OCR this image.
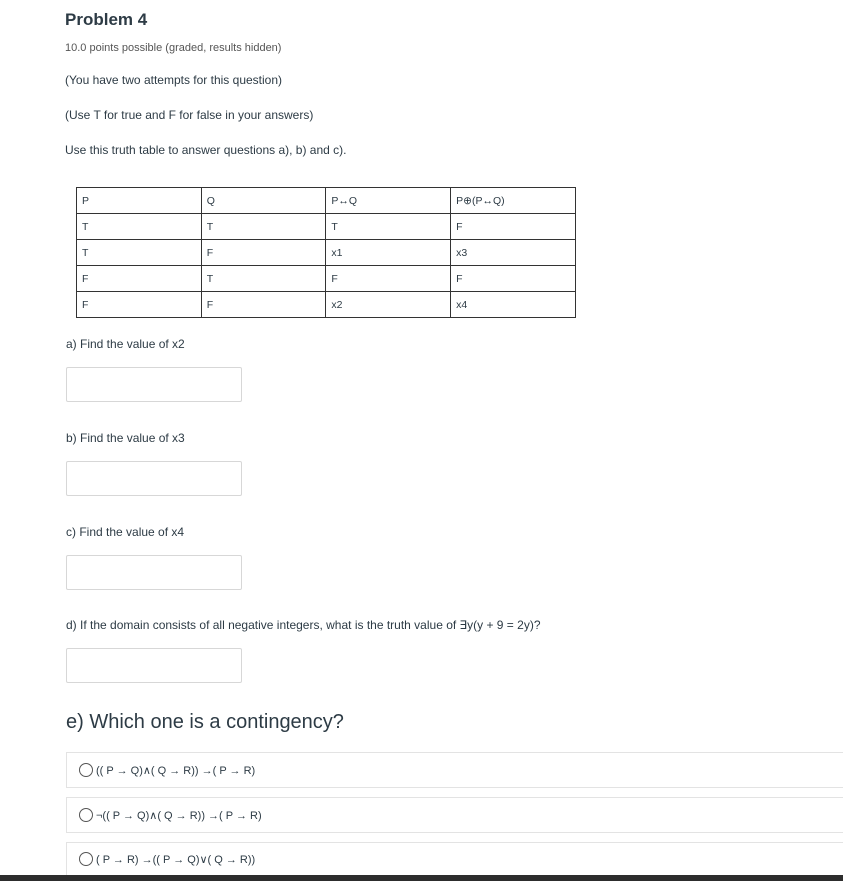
Problem 4
10.0 points possible (graded, results hidden)
(You have two attempts for this question)
(Use T for true and F for false in your answers)
Use this truth table to answer questions a), b) and c).
P	Q	P↔Q	P⊕(P↔Q)
T	T	T	F
T	F	x1	x3
F	T	F	F
F	F	x2	x4
a) Find the value of x2
b) Find the value of x3
c) Find the value of x4
d) If the domain consists of all negative integers, what is the truth value of ∃y(y + 9 = 2y)?
e) Which one is a contingency?
(( P → Q)∧( Q → R)) →( P → R)
¬(( P → Q)∧( Q → R)) →( P → R)
( P → R) →(( P → Q)∨( Q → R))
